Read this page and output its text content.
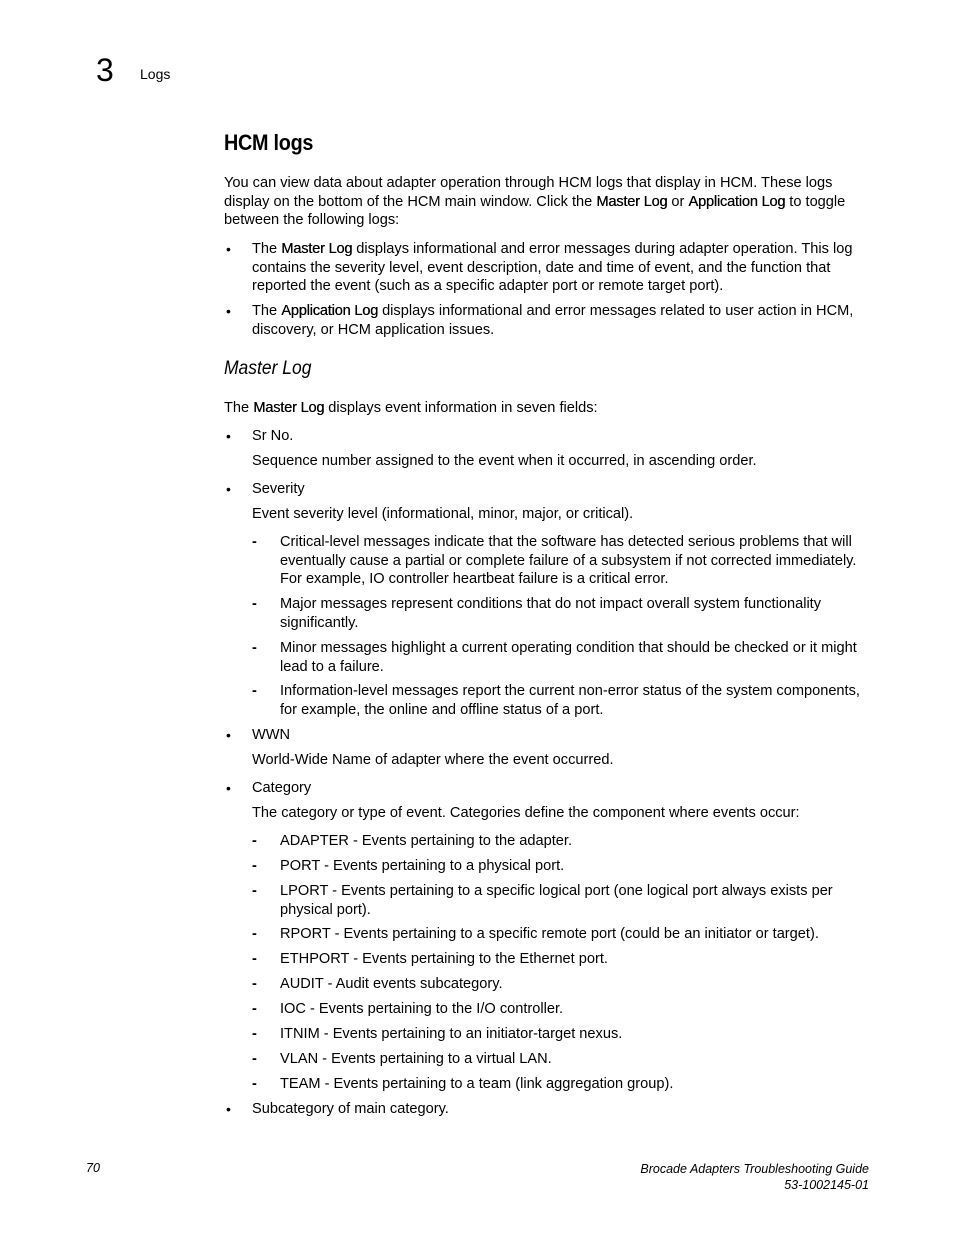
3 Logs
HCM logs
You can view data about adapter operation through HCM logs that display in HCM. These logs display on the bottom of the HCM main window. Click the Master Log or Application Log to toggle between the following logs:
• The Master Log displays informational and error messages during adapter operation. This log contains the severity level, event description, date and time of event, and the function that reported the event (such as a specific adapter port or remote target port).
• The Application Log displays informational and error messages related to user action in HCM, discovery, or HCM application issues.
Master Log
The Master Log displays event information in seven fields:
• Sr No.
Sequence number assigned to the event when it occurred, in ascending order.
• Severity
Event severity level (informational, minor, major, or critical).
- Critical-level messages indicate that the software has detected serious problems that will eventually cause a partial or complete failure of a subsystem if not corrected immediately. For example, IO controller heartbeat failure is a critical error.
- Major messages represent conditions that do not impact overall system functionality significantly.
- Minor messages highlight a current operating condition that should be checked or it might lead to a failure.
- Information-level messages report the current non-error status of the system components, for example, the online and offline status of a port.
• WWN
World-Wide Name of adapter where the event occurred.
• Category
The category or type of event. Categories define the component where events occur:
- ADAPTER - Events pertaining to the adapter.
- PORT - Events pertaining to a physical port.
- LPORT - Events pertaining to a specific logical port (one logical port always exists per physical port).
- RPORT - Events pertaining to a specific remote port (could be an initiator or target).
- ETHPORT - Events pertaining to the Ethernet port.
- AUDIT - Audit events subcategory.
- IOC - Events pertaining to the I/O controller.
- ITNIM - Events pertaining to an initiator-target nexus.
- VLAN - Events pertaining to a virtual LAN.
- TEAM - Events pertaining to a team (link aggregation group).
• Subcategory of main category.
70	Brocade Adapters Troubleshooting Guide
53-1002145-01
